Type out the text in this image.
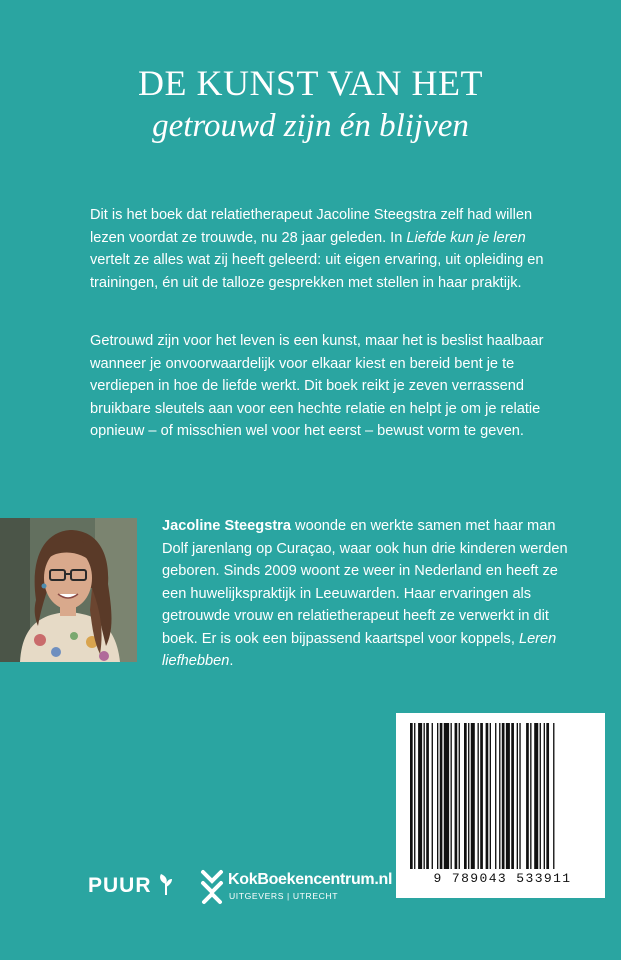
DE KUNST VAN HET
getrouwd zijn én blijven
Dit is het boek dat relatietherapeut Jacoline Steegstra zelf had willen lezen voordat ze trouwde, nu 28 jaar geleden. In Liefde kun je leren vertelt ze alles wat zij heeft geleerd: uit eigen ervaring, uit opleiding en trainingen, én uit de talloze gesprekken met stellen in haar praktijk.
Getrouwd zijn voor het leven is een kunst, maar het is beslist haalbaar wanneer je onvoorwaardelijk voor elkaar kiest en bereid bent je te verdiepen in hoe de liefde werkt. Dit boek reikt je zeven verrassend bruikbare sleutels aan voor een hechte relatie en helpt je om je relatie opnieuw – of misschien wel voor het eerst – bewust vorm te geven.
Jacoline Steegstra woonde en werkte samen met haar man Dolf jarenlang op Curaçao, waar ook hun drie kinderen werden geboren. Sinds 2009 woont ze weer in Nederland en heeft ze een huwelijkspraktijk in Leeuwarden. Haar ervaringen als getrouwde vrouw en relatietherapeut heeft ze verwerkt in dit boek. Er is ook een bijpassend kaartspel voor koppels, Leren liefhebben.
9 789043 533911
PUUR	KokBoekencentrum.nl
UITGEVERS | UTRECHT
